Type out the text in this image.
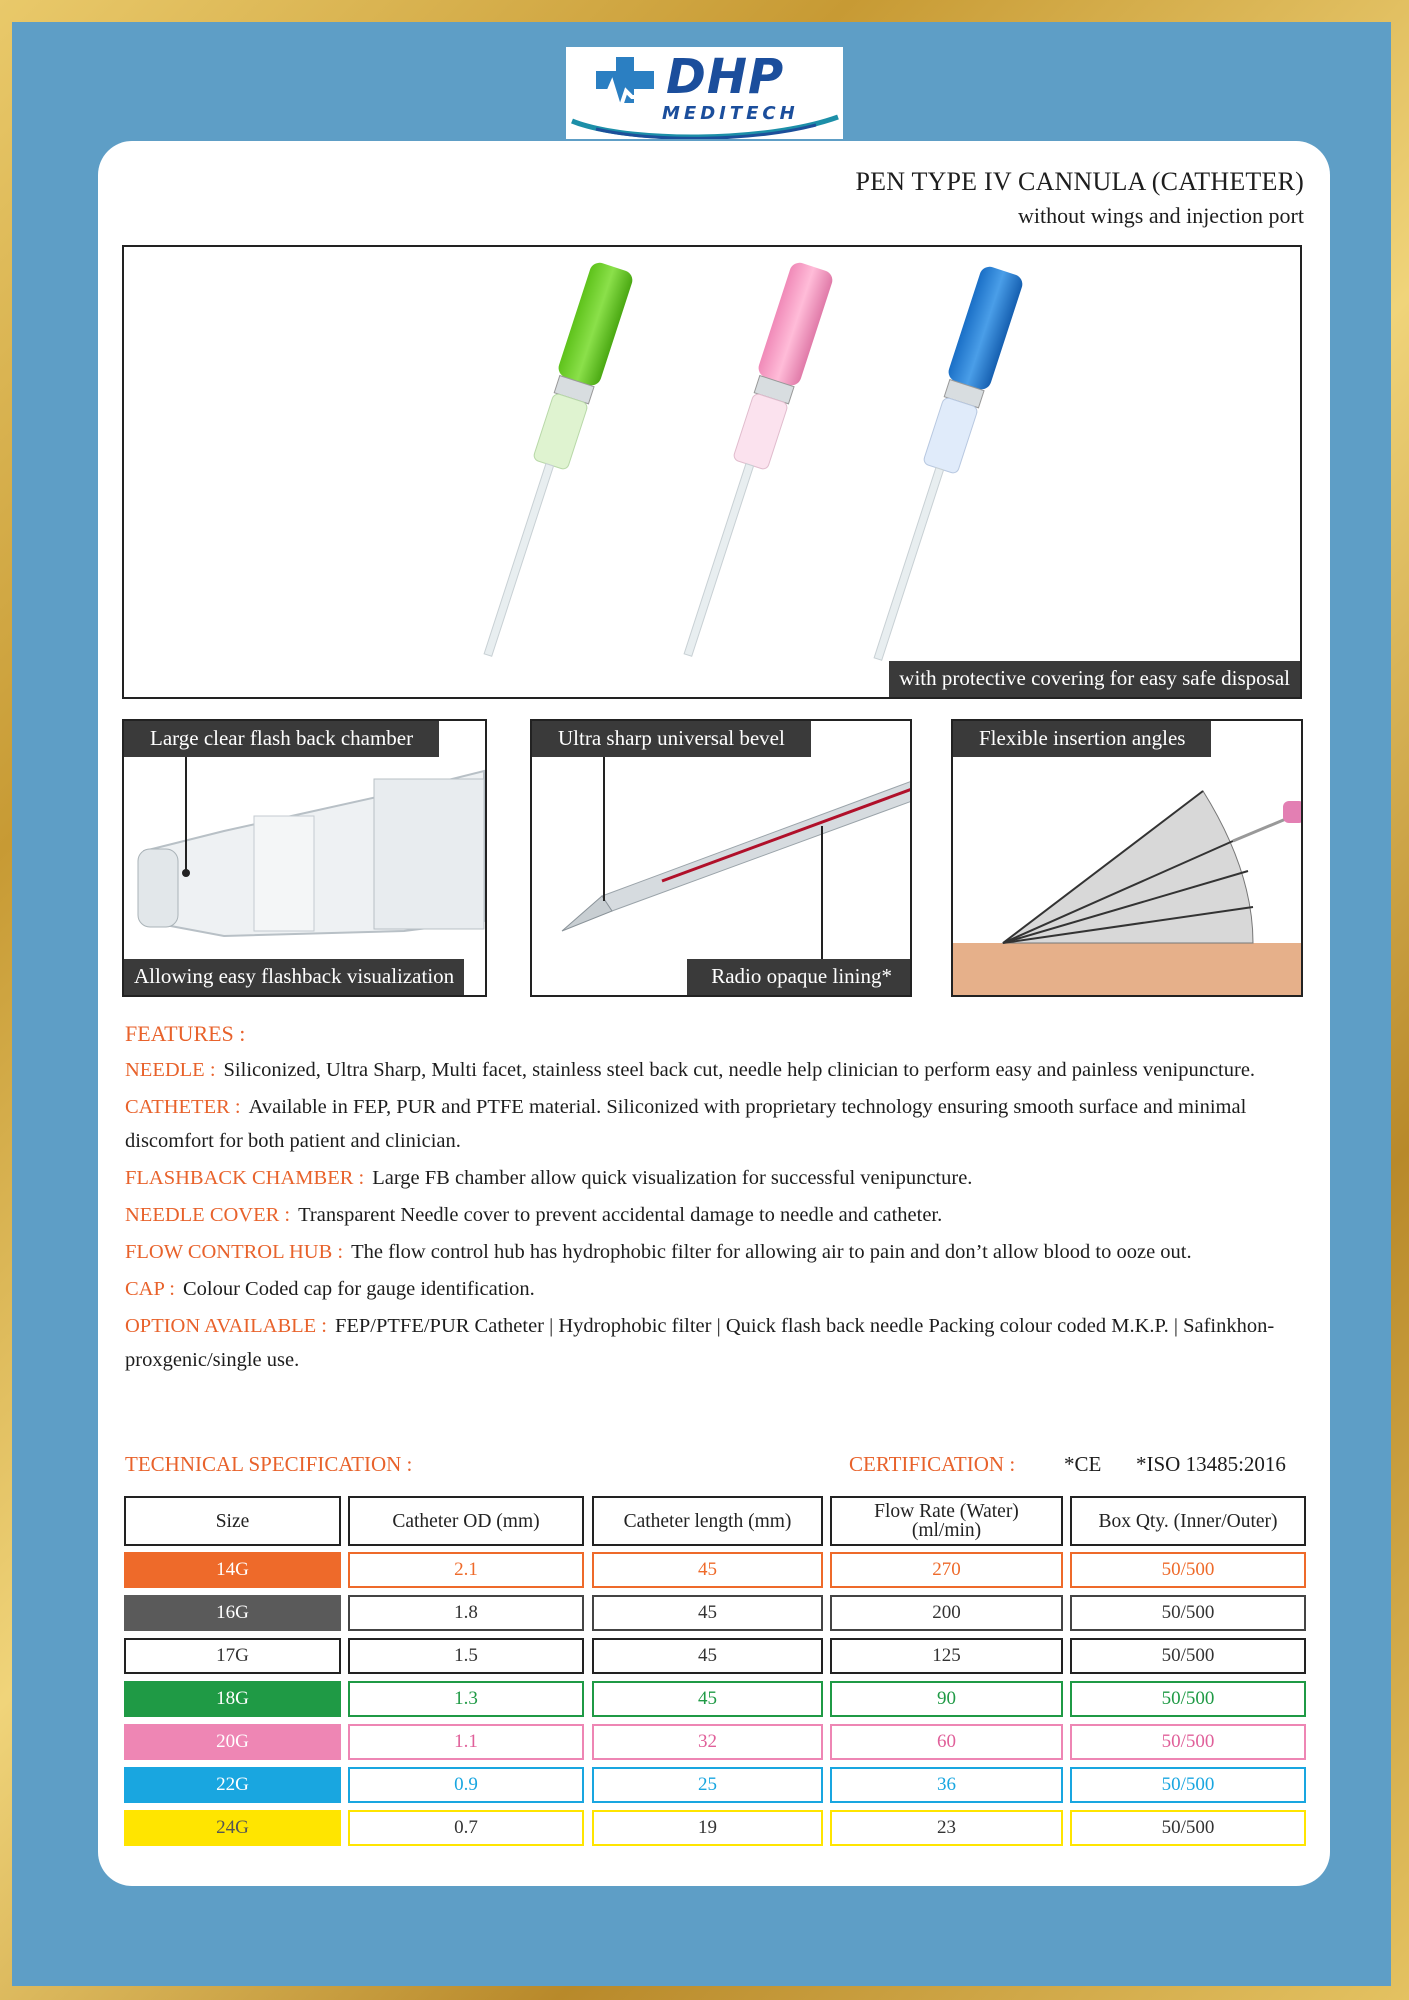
DHP
MEDITECH
PEN TYPE IV CANNULA (CATHETER)
without wings and injection port
with protective covering for easy safe disposal
Large clear flash back chamber
Allowing easy flashback visualization
Ultra sharp universal bevel
Radio opaque lining*
Flexible insertion angles
FEATURES :
NEEDLE : Siliconized, Ultra Sharp, Multi facet, stainless steel back cut, needle help clinician to perform easy and painless venipuncture.
CATHETER : Available in FEP, PUR and PTFE material. Siliconized with proprietary technology ensuring smooth surface and minimal discomfort for both patient and clinician.
FLASHBACK CHAMBER : Large FB chamber allow quick visualization for successful venipuncture.
NEEDLE COVER : Transparent Needle cover to prevent accidental damage to needle and catheter.
FLOW CONTROL HUB : The flow control hub has hydrophobic filter for allowing air to pain and don’t allow blood to ooze out.
CAP : Colour Coded cap for gauge identification.
OPTION AVAILABLE : FEP/PTFE/PUR Catheter | Hydrophobic filter | Quick flash back needle Packing colour coded M.K.P. | Safinkhon-proxgenic/single use.
TECHNICAL SPECIFICATION :	CERTIFICATION : *CE *ISO 13485:2016
Size	Catheter OD (mm)	Catheter length (mm)	Flow Rate (Water) (ml/min)	Box Qty. (Inner/Outer)
14G	2.1	45	270	50/500
16G	1.8	45	200	50/500
17G	1.5	45	125	50/500
18G	1.3	45	90	50/500
20G	1.1	32	60	50/500
22G	0.9	25	36	50/500
24G	0.7	19	23	50/500
